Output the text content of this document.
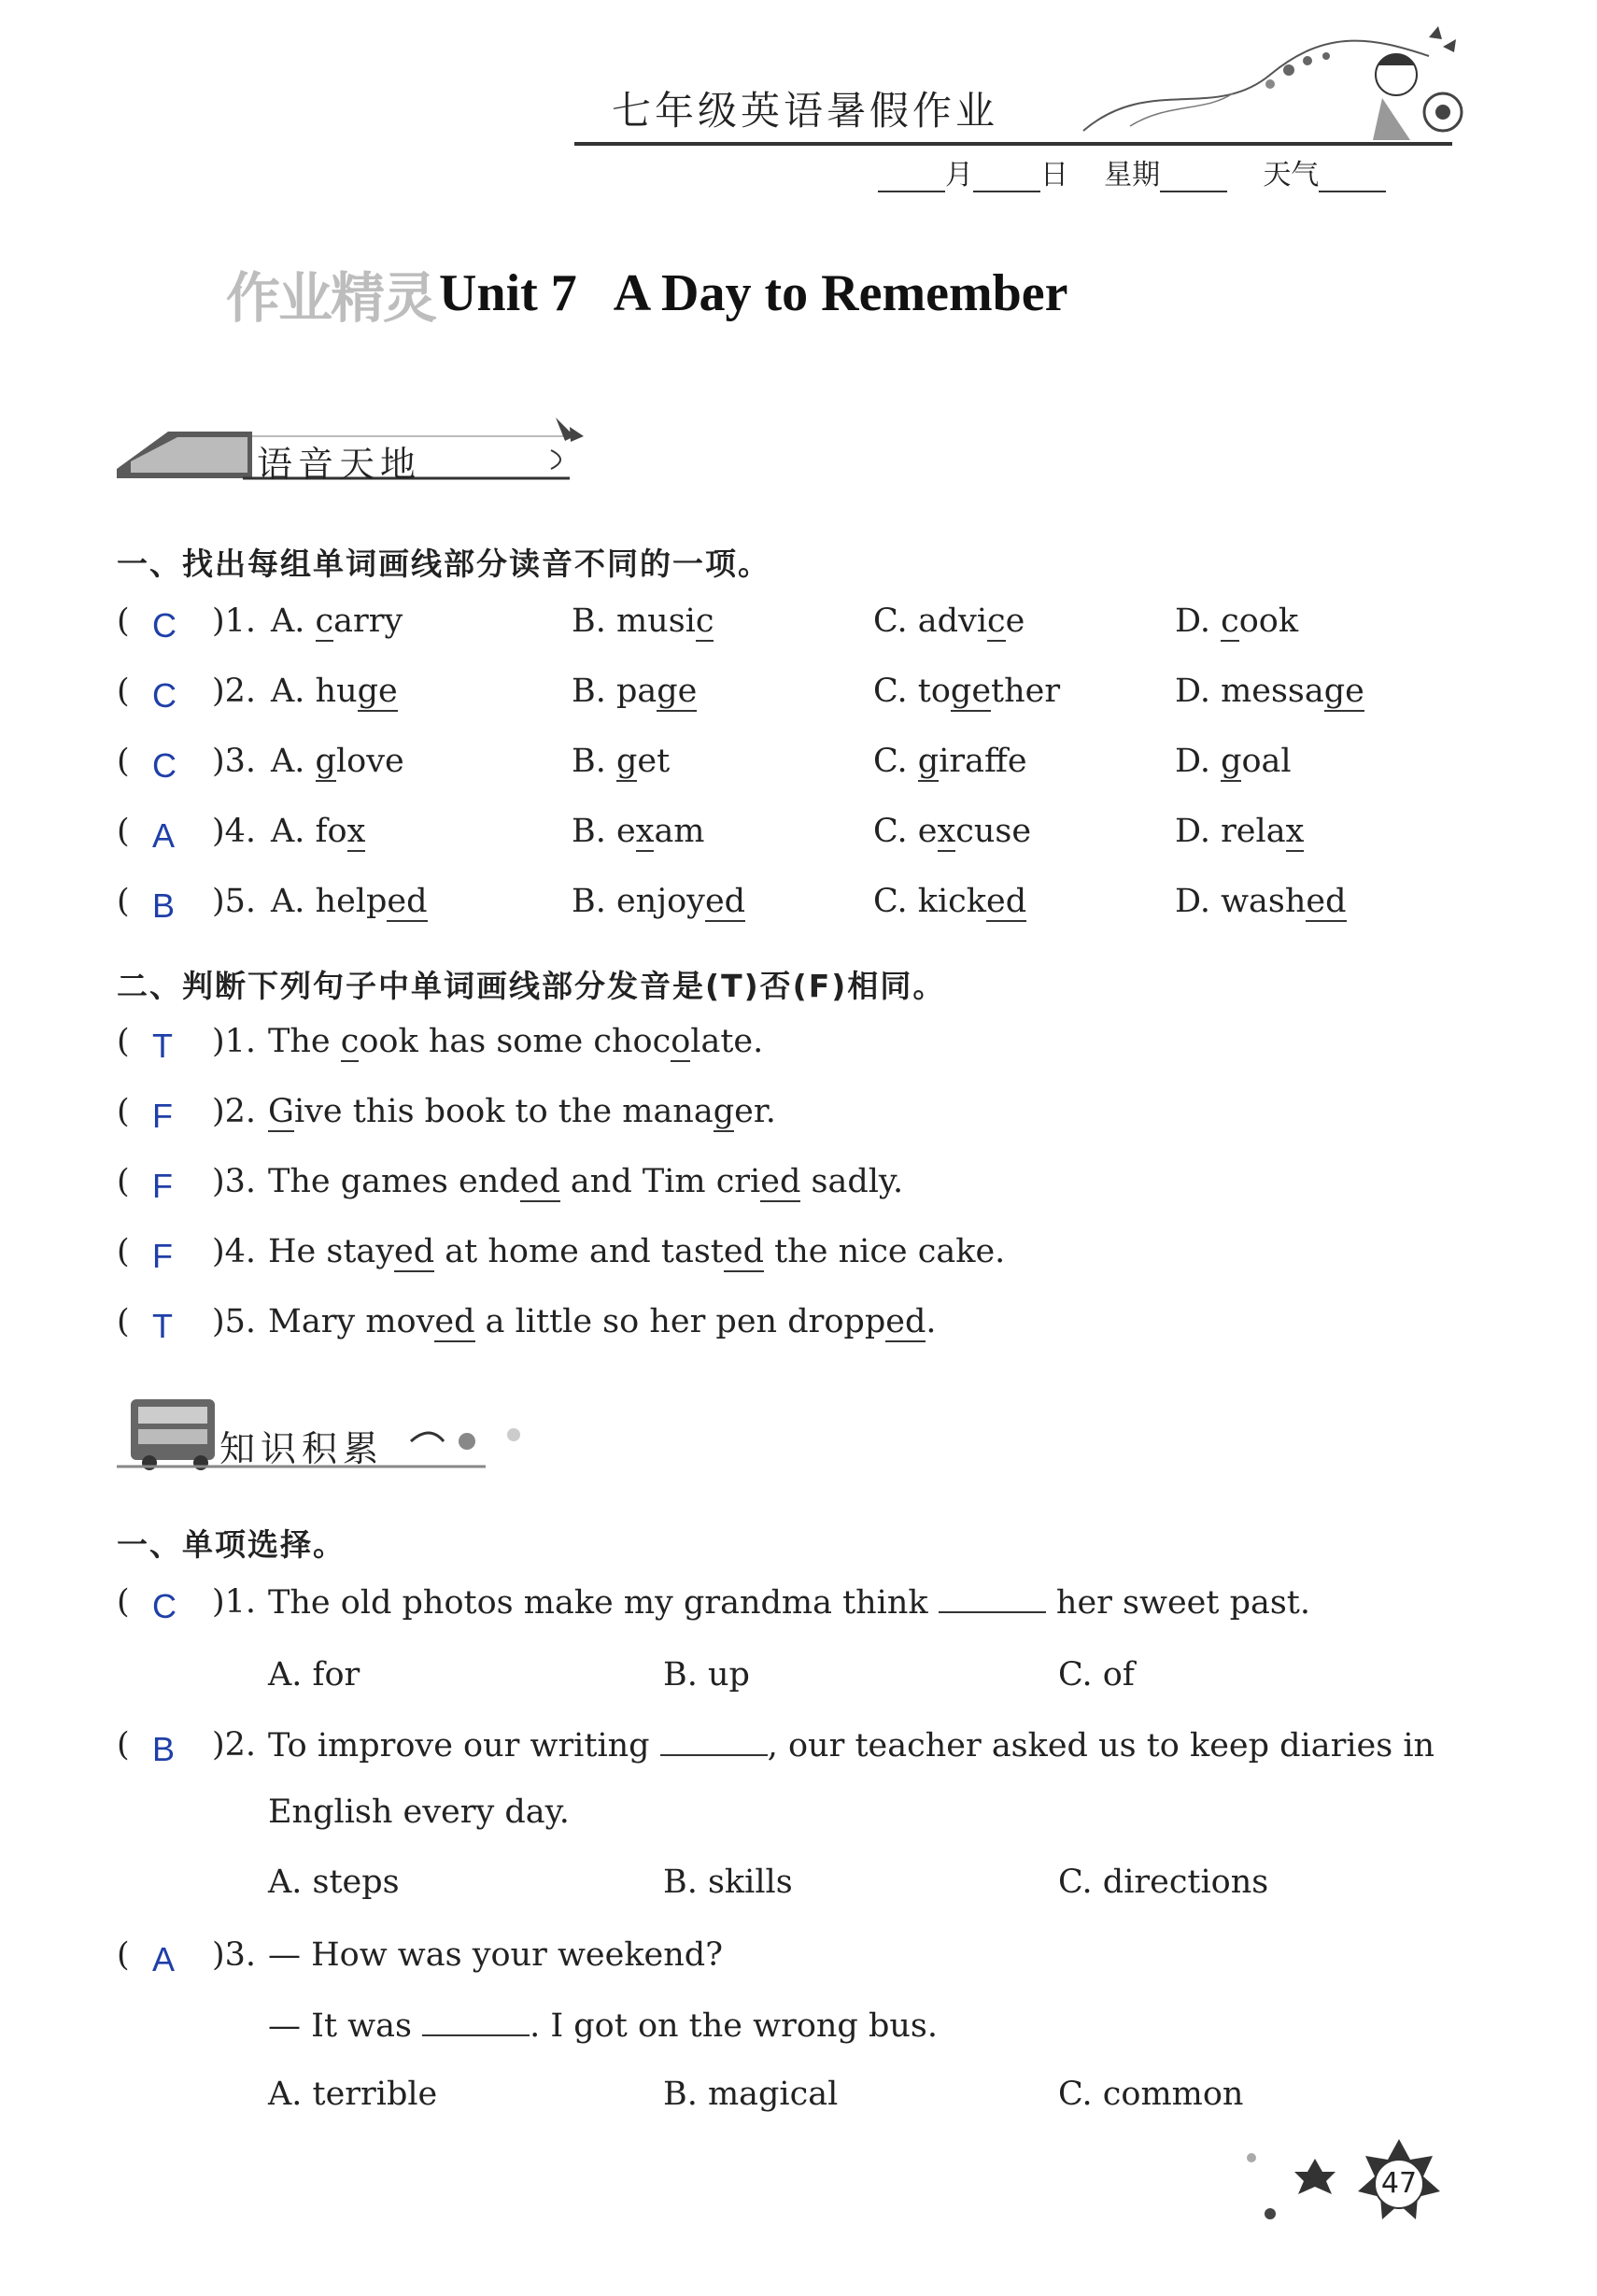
七年级英语暑假作业
月 日 星期	天气
作业精灵 Unit 7   A Day to Remember
语音天地
一、找出每组单词画线部分读音不同的一项。
( C )1. A. carry	B. music	C. advice	D. cook
( C )2. A. huge	B. page	C. together	D. message
( C )3. A. glove	B. get	C. giraffe	D. goal
( A )4. A. fox	B. exam	C. excuse	D. relax
( B )5. A. helped	B. enjoyed	C. kicked	D. washed
二、判断下列句子中单词画线部分发音是(T)否(F)相同。
( T )1. The cook has some chocolate.
( F )2. Give this book to the manager.
( F )3. The games ended and Tim cried sadly.
( F )4. He stayed at home and tasted the nice cake.
( T )5. Mary moved a little so her pen dropped.
知识积累
一、单项选择。
( C )1. The old photos make my grandma think	her sweet past.
A. for	B. up	C. of
( B )2. To improve our writing	, our teacher asked us to keep diaries in
English every day.
A. steps	B. skills	C. directions
( A )3. — How was your weekend?
— It was	. I got on the wrong bus.
A. terrible	B. magical	C. common
47
